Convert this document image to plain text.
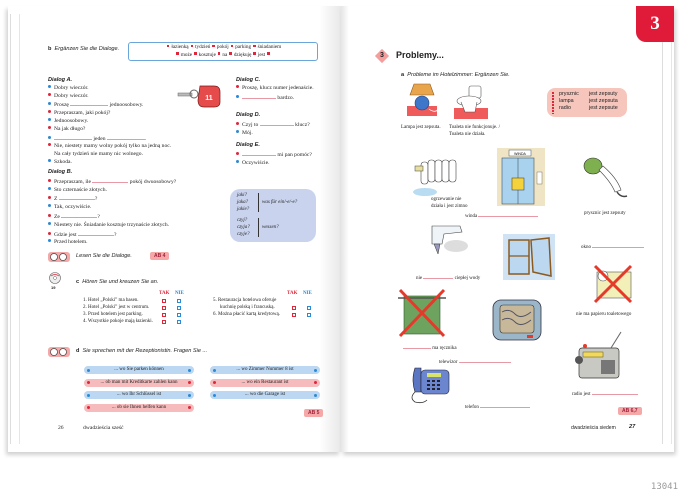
b Ergänzen Sie die Dialoge.	łazienką tydzień pokój parking śniadaniem
może kosztuje na dziękuję jest
Dialog A.
Dobry wieczór.
Dobry wieczór.
Proszę	jednoosobowy.
Przepraszam, jaki pokój?
Jednoosobowy.
Na jak długo?
jeden	.
Nie, niestety mamy wolny pokój tylko na jedną noc.
Na cały tydzień nie mamy nic wolnego.
Szkoda.
11
Dialog C.
Proszę, klucz numer jedenaście.
bardzo.
Dialog D.
Czyj to	klucz?
Mój.
Dialog E.
mi pan pomóc?
Oczywiście.
Dialog B.
Przepraszam, ile	pokój dwuosobowy?
Sto czternaście złotych.
Z	?
Tak, oczywiście.
Ze	?
Niestety nie. Śniadanie kosztuje trzynaście złotych.
Gdzie jest	?
Przed hotelem.
jaki?
jaka?
jakie?
was für ein/-e/-e?
czyj?
czyja?
czyje?
wessen?
Lesen Sie die Dialoge.	AB 4
19
c Hören Sie und kreuzen Sie an.
TAK NIE	TAK NIE
1. Hotel „Polski” ma basen.
2. Hotel „Polski” jest w centrum.
3. Przed hotelem jest parking.
4. Wszystkie pokoje mają łazienki.
5. Restauracja hotelowa oferuje
kuchnię polską i francuską.
6. Można płacić kartą kredytową.
d Sie sprechen mit der Rezeptionistin. Fragen Sie ...
AB 5
26	dwadzieścia sześć
... wo Sie parken können
... ob man mit Kreditkarte zahlen kann
... wo Ihr Schlüssel ist
... ob sie Ihnen helfen kann
... wo Zimmer Nummer 8 ist
... wo ein Restaurant ist
... wo die Garage ist
3
3	Problemy...
a Probleme im Hotelzimmer: Ergänzen Sie.
Lampa jest zepsuta. Toaleta nie funkcjonuje. /
Toaleta nie działa.
prysznic jest zepsuty
lampa	jest zepsuta
radio	jest zepsute
ogrzewanie nie
działa i jest zimno
WINDA
winda
prysznic jest zepsuty
nie	ciepłej wody
okno
nie ma papieru toaletowego
ma ręcznika
telewizor
radio jest
telefon
AB 6,7
dwadzieścia siedem 27
13041
